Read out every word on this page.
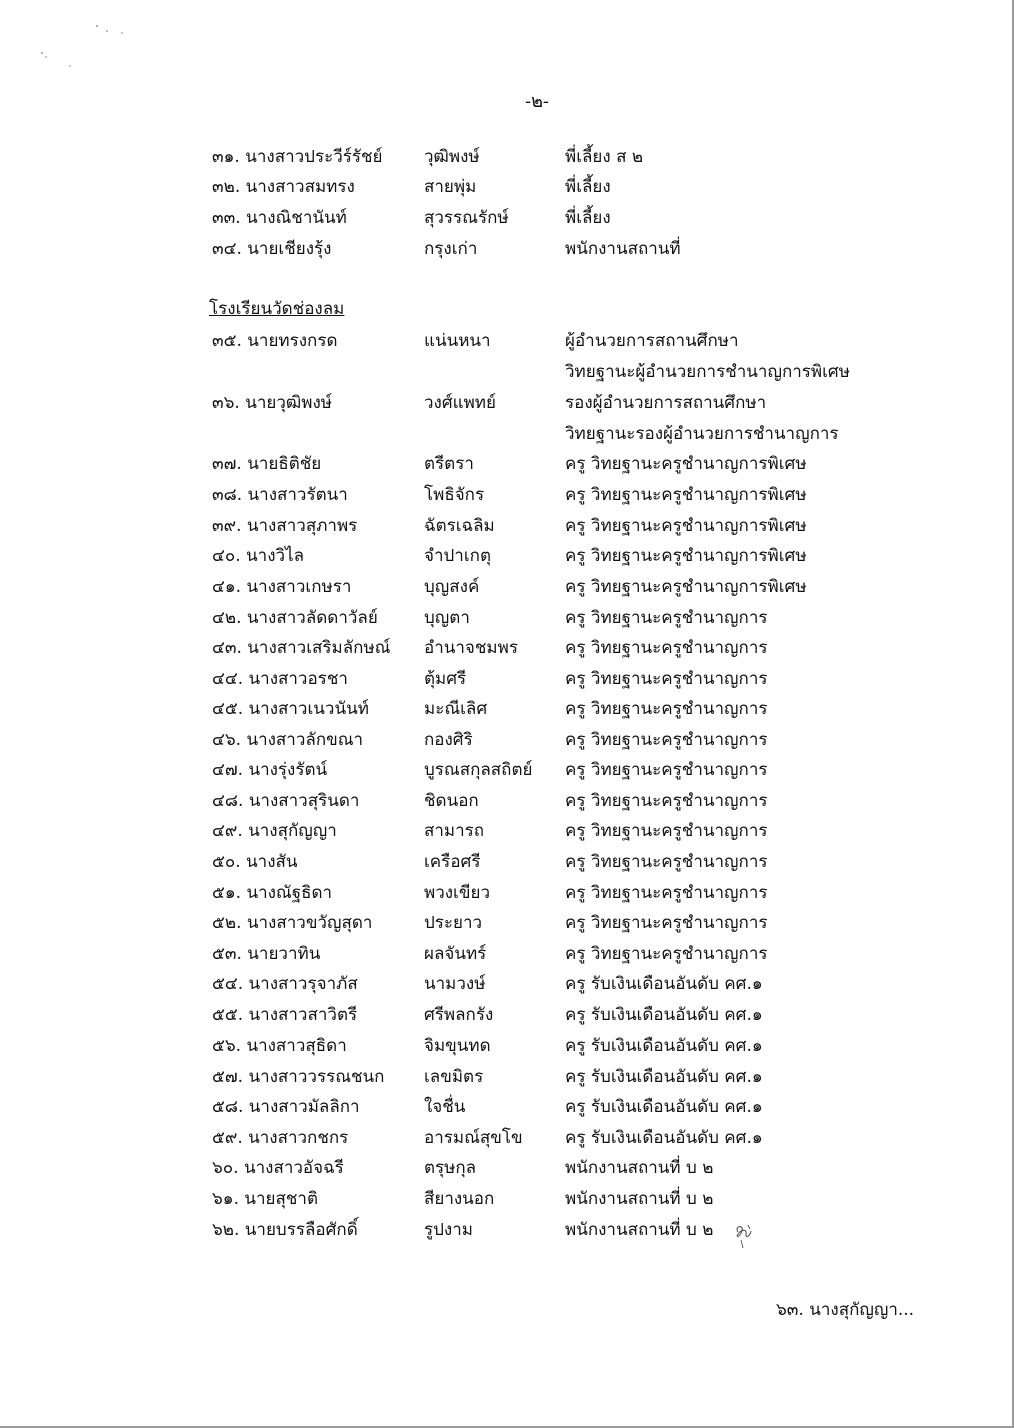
-๒-
โรงเรียนวัดช่องลม
๓๑. นางสาวประวีร์รัชย์ วุฒิพงษ์	พี่เลี้ยง ส ๒
๓๒. นางสาวสมทรง	สายพุ่ม	พี่เลี้ยง
๓๓. นางณิชานันท์	สุวรรณรักษ์	พี่เลี้ยง
๓๔. นายเชียงรุ้ง	กรุงเก่า	พนักงานสถานที่
๓๕. นายทรงกรด	แน่นหนา	ผู้อำนวยการสถานศึกษา
วิทยฐานะผู้อำนวยการชำนาญการพิเศษ
๓๖. นายวุฒิพงษ์	วงศ์แพทย์	รองผู้อำนวยการสถานศึกษา
วิทยฐานะรองผู้อำนวยการชำนาญการ
๓๗. นายธิติชัย	ตรีตรา	ครู วิทยฐานะครูชำนาญการพิเศษ
๓๘. นางสาวรัตนา	โพธิจักร	ครู วิทยฐานะครูชำนาญการพิเศษ
๓๙. นางสาวสุภาพร	ฉัตรเฉลิม	ครู วิทยฐานะครูชำนาญการพิเศษ
๔๐. นางวิไล	จำปาเกตุ	ครู วิทยฐานะครูชำนาญการพิเศษ
๔๑. นางสาวเกษรา	บุญสงค์	ครู วิทยฐานะครูชำนาญการพิเศษ
๔๒. นางสาวลัดดาวัลย์	บุญตา	ครู วิทยฐานะครูชำนาญการ
๔๓. นางสาวเสริมลักษณ์ อำนาจชมพร	ครู วิทยฐานะครูชำนาญการ
๔๔. นางสาวอรชา	ตุ้มศรี	ครู วิทยฐานะครูชำนาญการ
๔๕. นางสาวเนวนันท์	มะณีเลิศ	ครู วิทยฐานะครูชำนาญการ
๔๖. นางสาวลักขณา	กองศิริ	ครู วิทยฐานะครูชำนาญการ
๔๗. นางรุ่งรัตน์	บูรณสกุลสถิตย์ ครู วิทยฐานะครูชำนาญการ
๔๘. นางสาวสุรินดา	ชิดนอก	ครู วิทยฐานะครูชำนาญการ
๔๙. นางสุกัญญา	สามารถ	ครู วิทยฐานะครูชำนาญการ
๕๐. นางสัน	เครือศรี	ครู วิทยฐานะครูชำนาญการ
๕๑. นางณัฐธิดา	พวงเขียว	ครู วิทยฐานะครูชำนาญการ
๕๒. นางสาวขวัญสุดา	ประยาว	ครู วิทยฐานะครูชำนาญการ
๕๓. นายวาทิน	ผลจันทร์	ครู วิทยฐานะครูชำนาญการ
๕๔. นางสาวรุจาภัส	นามวงษ์	ครู รับเงินเดือนอันดับ คศ.๑
๕๕. นางสาวสาวิตรี	ศรีพลกรัง	ครู รับเงินเดือนอันดับ คศ.๑
๕๖. นางสาวสุธิดา	จิมขุนทด	ครู รับเงินเดือนอันดับ คศ.๑
๕๗. นางสาววรรณชนก เลขมิตร	ครู รับเงินเดือนอันดับ คศ.๑
๕๘. นางสาวมัลลิกา	ใจชื่น	ครู รับเงินเดือนอันดับ คศ.๑
๕๙. นางสาวกชกร	อารมณ์สุขโข ครู รับเงินเดือนอันดับ คศ.๑
๖๐. นางสาวอัจฉรี	ตรุษกุล	พนักงานสถานที่ บ ๒
๖๑. นายสุชาติ	สียางนอก	พนักงานสถานที่ บ ๒
๖๒. นายบรรลือศักดิ์	รูปงาม	พนักงานสถานที่ บ ๒
๖๓. นางสุกัญญา...
